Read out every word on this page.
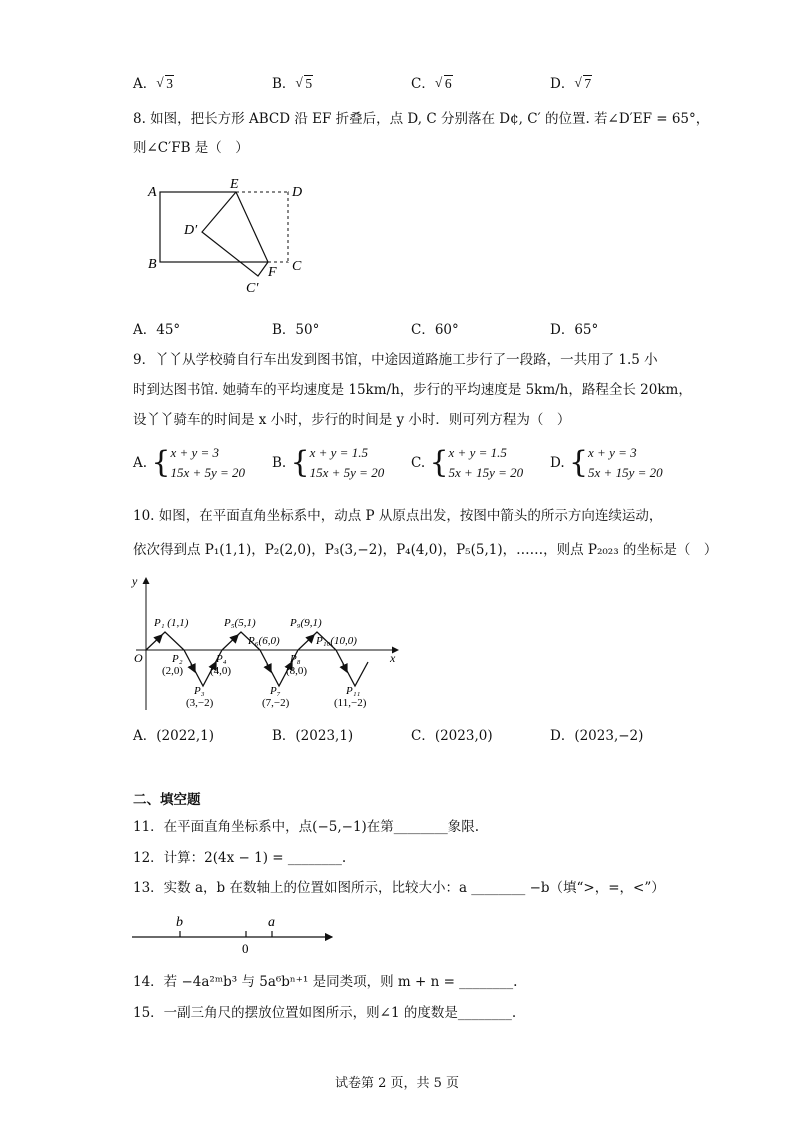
A． √ 3	B． √ 5	C． √ 6	D． √ 7
8. 如图，把长方形 ABCD 沿 EF 折叠后，点 D, C 分别落在 D¢, C′ 的位置. 若∠D′EF = 65°，
则∠C′FB 是（　）
A
E
D
D′
B
F C
C′
A．45°	B．50°	C．60°	D．65°
9．丫丫从学校骑自行车出发到图书馆，中途因道路施工步行了一段路，一共用了 1.5 小
时到达图书馆. 她骑车的平均速度是 15km/h，步行的平均速度是 5km/h，路程全长 20km，
设丫丫骑车的时间是 x 小时，步行的时间是 y 小时．则可列方程为（　）
A. {x + y = 3
15x + 5y = 20
B. {x + y = 1.5
15x + 5y = 20
C. {x + y = 1.5
5x + 15y = 20
D. {x + y = 3
5x + 15y = 20
10. 如图，在平面直角坐标系中，动点 P 从原点出发，按图中箭头的所示方向连续运动，
依次得到点 P₁(1,1)，P₂(2,0)，P₃(3,−2)，P₄(4,0)，P₅(5,1)，……，则点 P₂₀₂₃ 的坐标是（　）
y
x
O
P₁ (1,1)
P₂
(2,0)
P₃
(3,−2)
P₄
(4,0)
P₅(5,1)
P₆(6,0)
P₇
(7,−2)
P₈
(8,0)
P₉(9,1)
P₁₀(10,0)
P₁₁
(11,−2)
A．(2022,1)	B．(2023,1)	C．(2023,0)	D．(2023,−2)
二、填空题
11．在平面直角坐标系中，点(−5,−1)在第________象限.
12．计算：2(4x − 1) = ________.
13．实数 a，b 在数轴上的位置如图所示，比较大小：a ________ −b（填“>，=，<”）
b	a
0
14．若 −4a²ᵐb³ 与 5a⁶bⁿ⁺¹ 是同类项，则 m + n = ________.
15．一副三角尺的摆放位置如图所示，则∠1 的度数是________.
试卷第 2 页，共 5 页
